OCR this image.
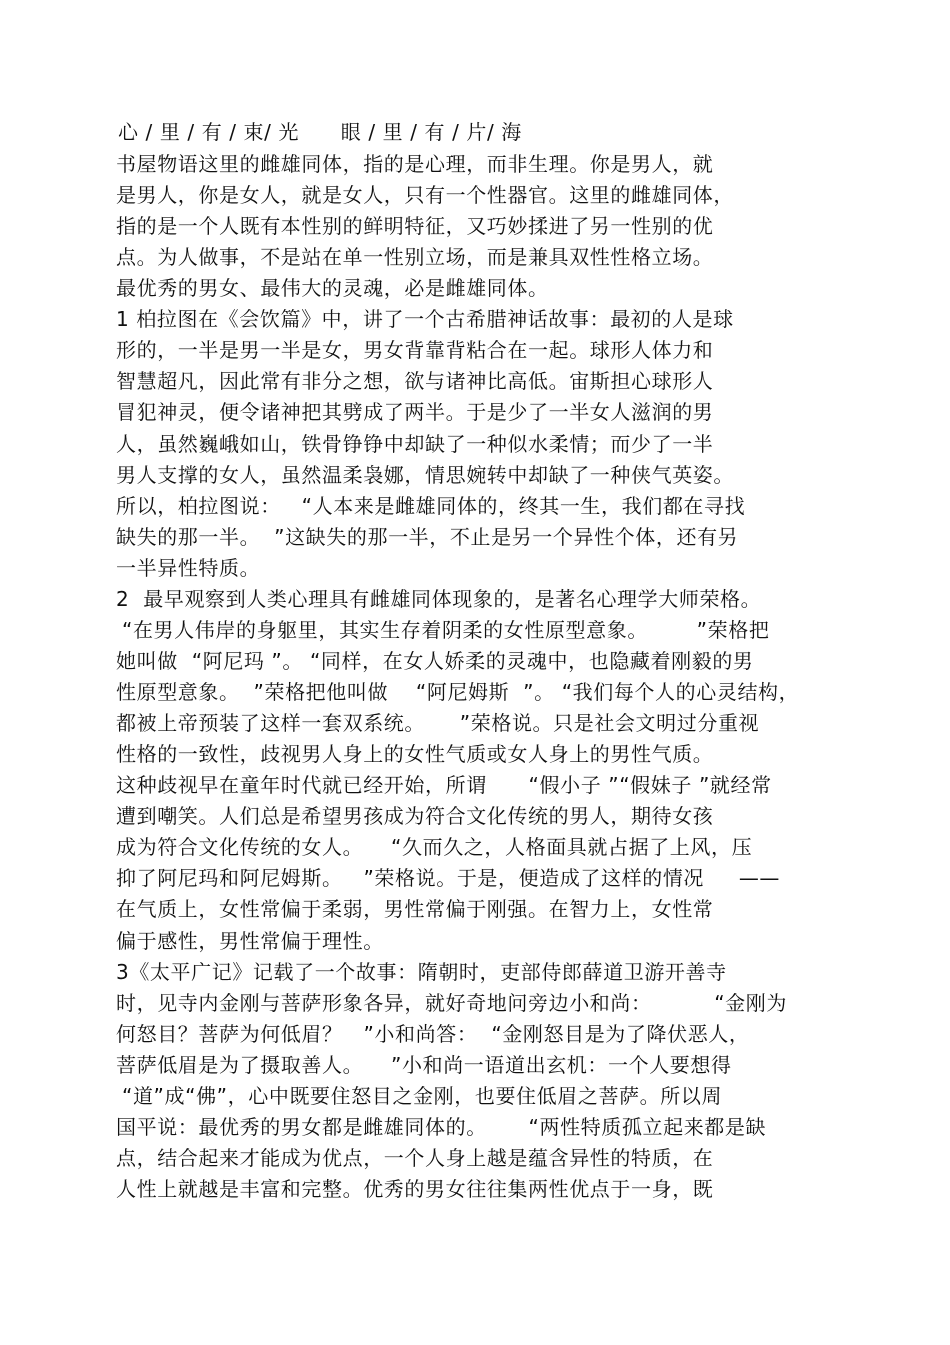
心 / 里 / 有 / 束/ 光      眼 / 里 / 有 / 片/ 海
书屋物语这里的雌雄同体，指的是心理，而非生理。你是男人，就
是男人，你是女人，就是女人，只有一个性器官。这里的雌雄同体，
指的是一个人既有本性别的鲜明特征，又巧妙揉进了另一性别的优
点。为人做事，不是站在单一性别立场，而是兼具双性性格立场。
最优秀的男女、最伟大的灵魂，必是雌雄同体。
1 柏拉图在《会饮篇》中，讲了一个古希腊神话故事：最初的人是球
形的，一半是男一半是女，男女背靠背粘合在一起。球形人体力和
智慧超凡，因此常有非分之想，欲与诸神比高低。宙斯担心球形人
冒犯神灵，便令诸神把其劈成了两半。于是少了一半女人滋润的男
人，虽然巍峨如山，铁骨铮铮中却缺了一种似水柔情；而少了一半
男人支撑的女人，虽然温柔袅娜，情思婉转中却缺了一种侠气英姿。
所以，柏拉图说：   “人本来是雌雄同体的，终其一生，我们都在寻找
缺失的那一半。  ”这缺失的那一半，不止是另一个异性个体，还有另
一半异性特质。
2  最早观察到人类心理具有雌雄同体现象的，是著名心理学大师荣格。
“在男人伟岸的身躯里，其实生存着阴柔的女性原型意象。       ”荣格把
她叫做  “阿尼玛 ”。 “同样，在女人娇柔的灵魂中，也隐藏着刚毅的男
性原型意象。  ”荣格把他叫做    “阿尼姆斯  ”。 “我们每个人的心灵结构，
都被上帝预装了这样一套双系统。     ”荣格说。只是社会文明过分重视
性格的一致性，歧视男人身上的女性气质或女人身上的男性气质。
这种歧视早在童年时代就已经开始，所谓      “假小子 ”“假妹子 ”就经常
遭到嘲笑。人们总是希望男孩成为符合文化传统的男人，期待女孩
成为符合文化传统的女人。    “久而久之，人格面具就占据了上风，压
抑了阿尼玛和阿尼姆斯。   ”荣格说。于是，便造成了这样的情况     ——
在气质上，女性常偏于柔弱，男性常偏于刚强。在智力上，女性常
偏于感性，男性常偏于理性。
3《太平广记》记载了一个故事：隋朝时，吏部侍郎薛道卫游开善寺
时，见寺内金刚与菩萨形象各异，就好奇地问旁边小和尚：         “金刚为
何怒目？菩萨为何低眉？   ”小和尚答：  “金刚怒目是为了降伏恶人，
菩萨低眉是为了摄取善人。    ”小和尚一语道出玄机：一个人要想得
“道”成“佛”，心中既要住怒目之金刚，也要住低眉之菩萨。所以周
国平说：最优秀的男女都是雌雄同体的。      “两性特质孤立起来都是缺
点，结合起来才能成为优点，一个人身上越是蕴含异性的特质，在
人性上就越是丰富和完整。优秀的男女往往集两性优点于一身，既
